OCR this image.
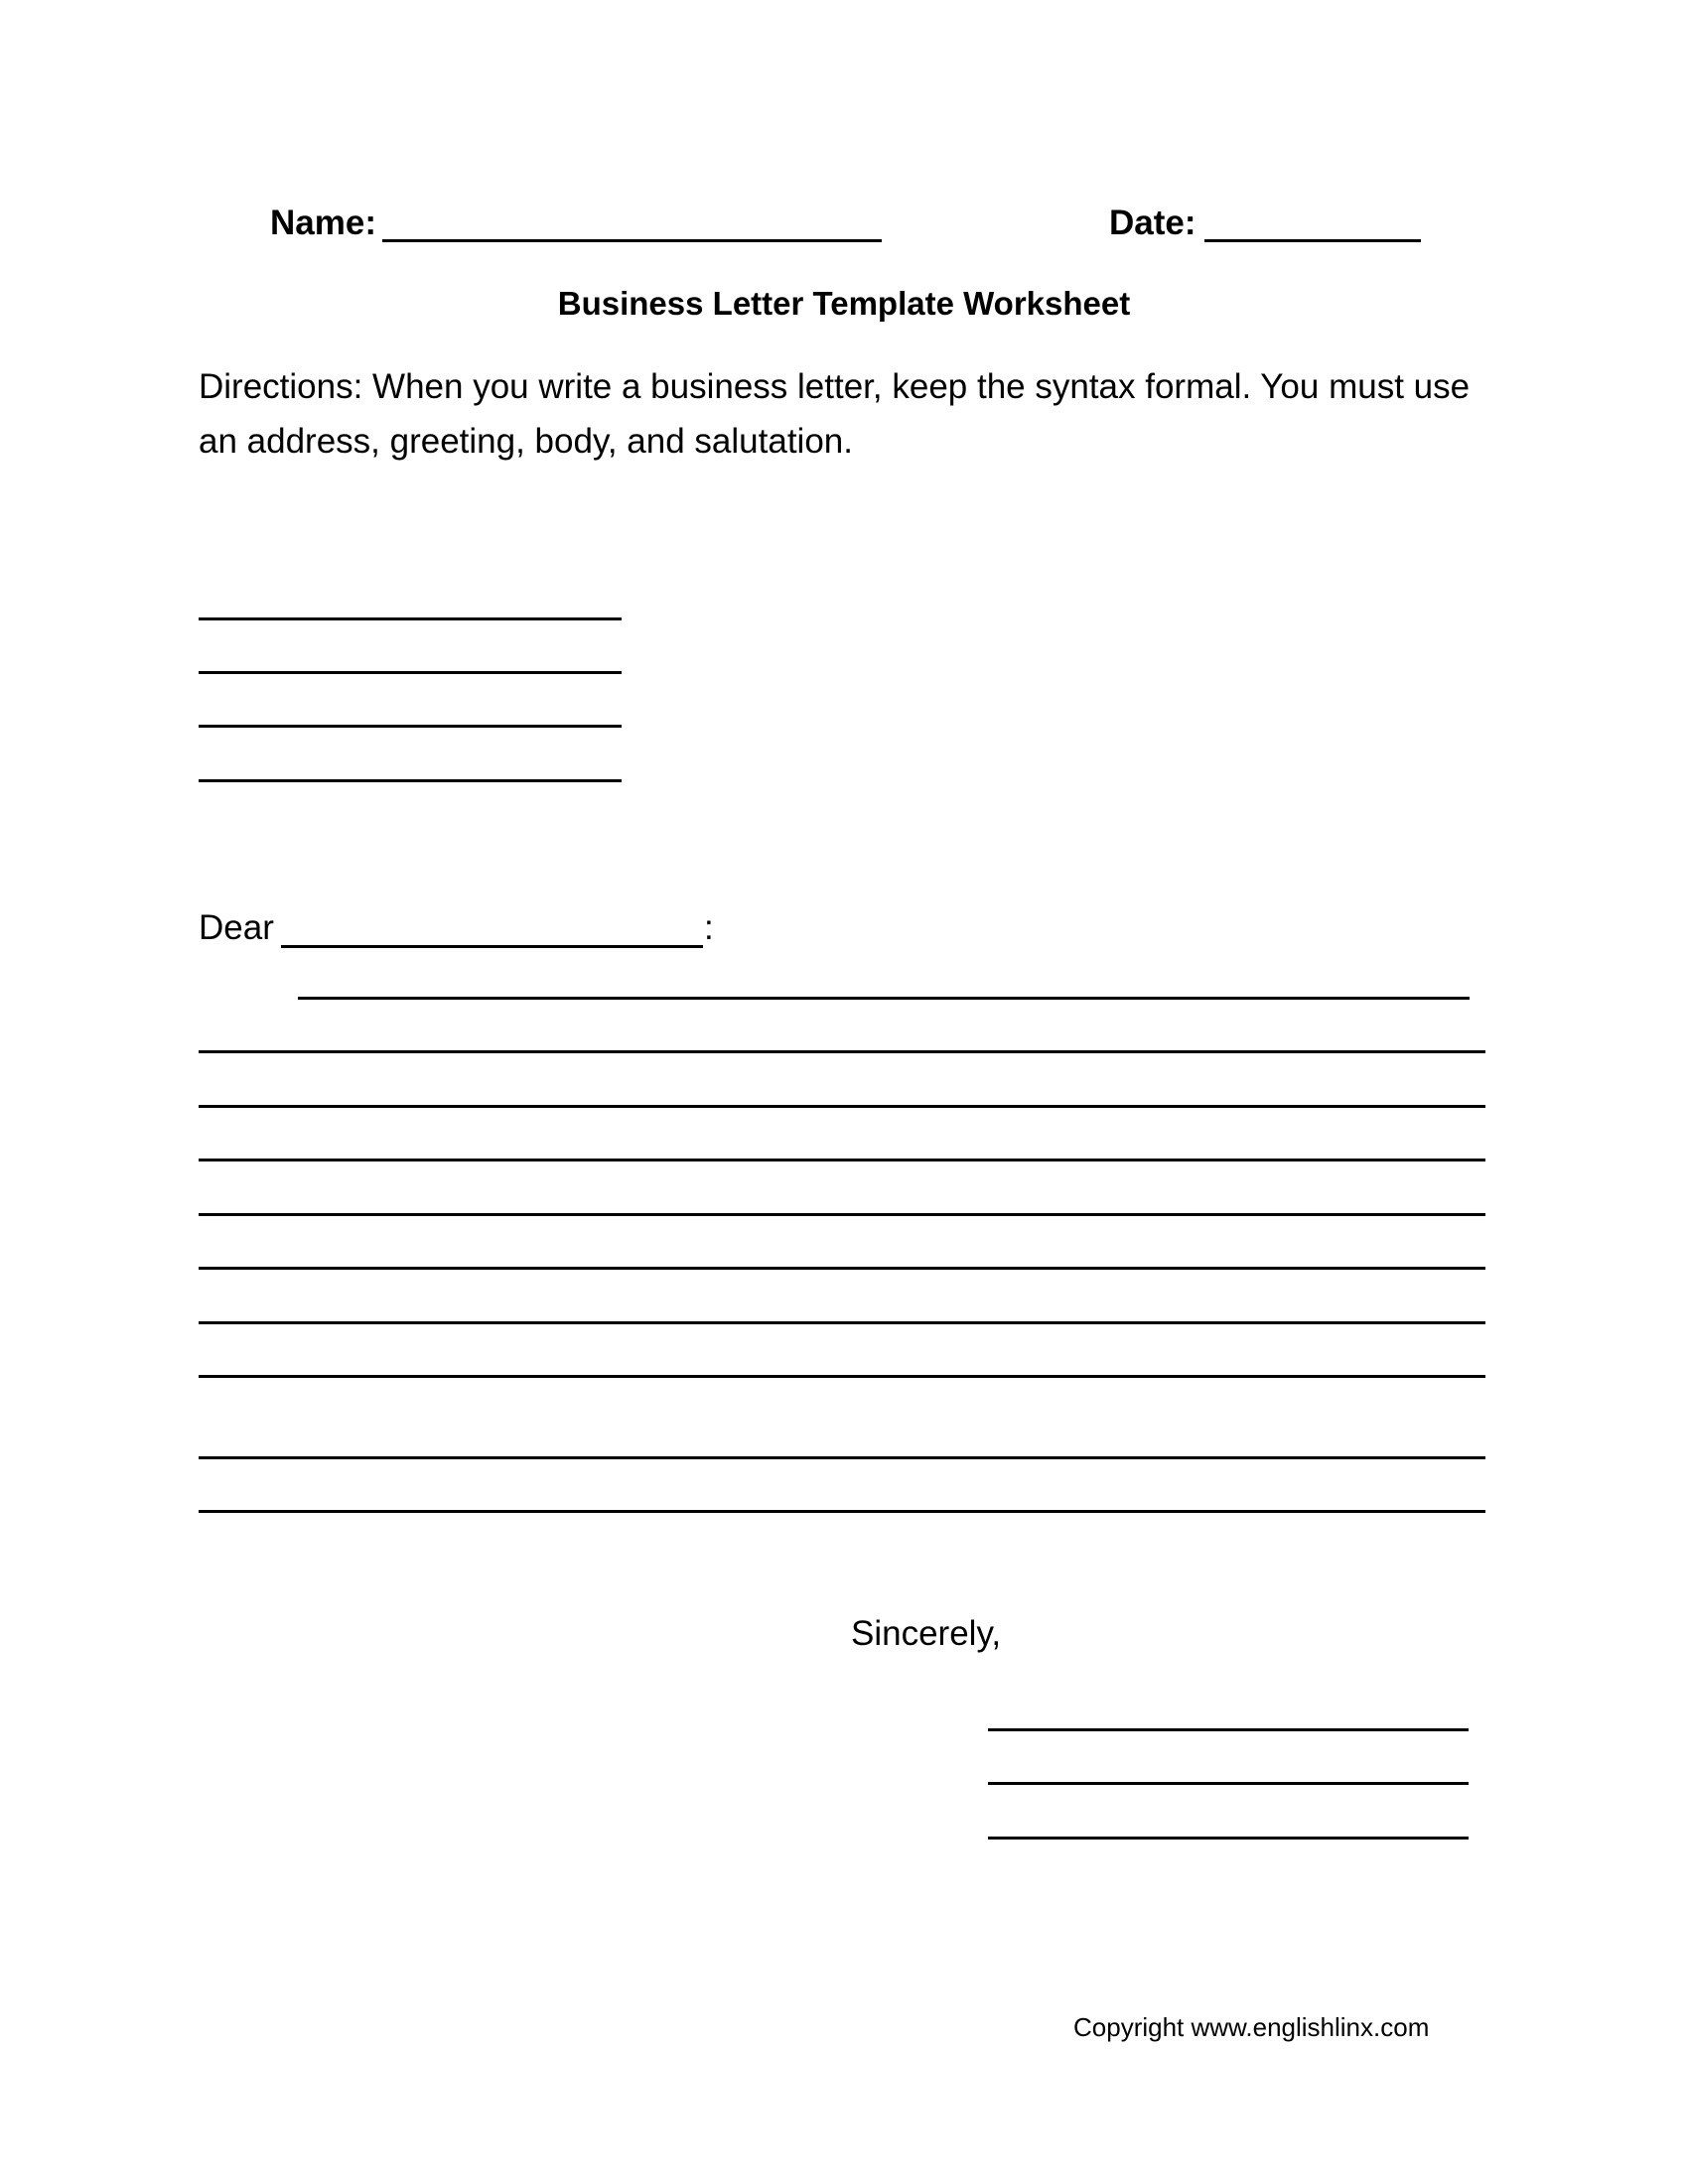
Name:	Date:
Business Letter Template Worksheet
Directions: When you write a business letter, keep the syntax formal. You must use an address, greeting, body, and salutation.
Dear	:
Sincerely,
Copyright www.englishlinx.com
